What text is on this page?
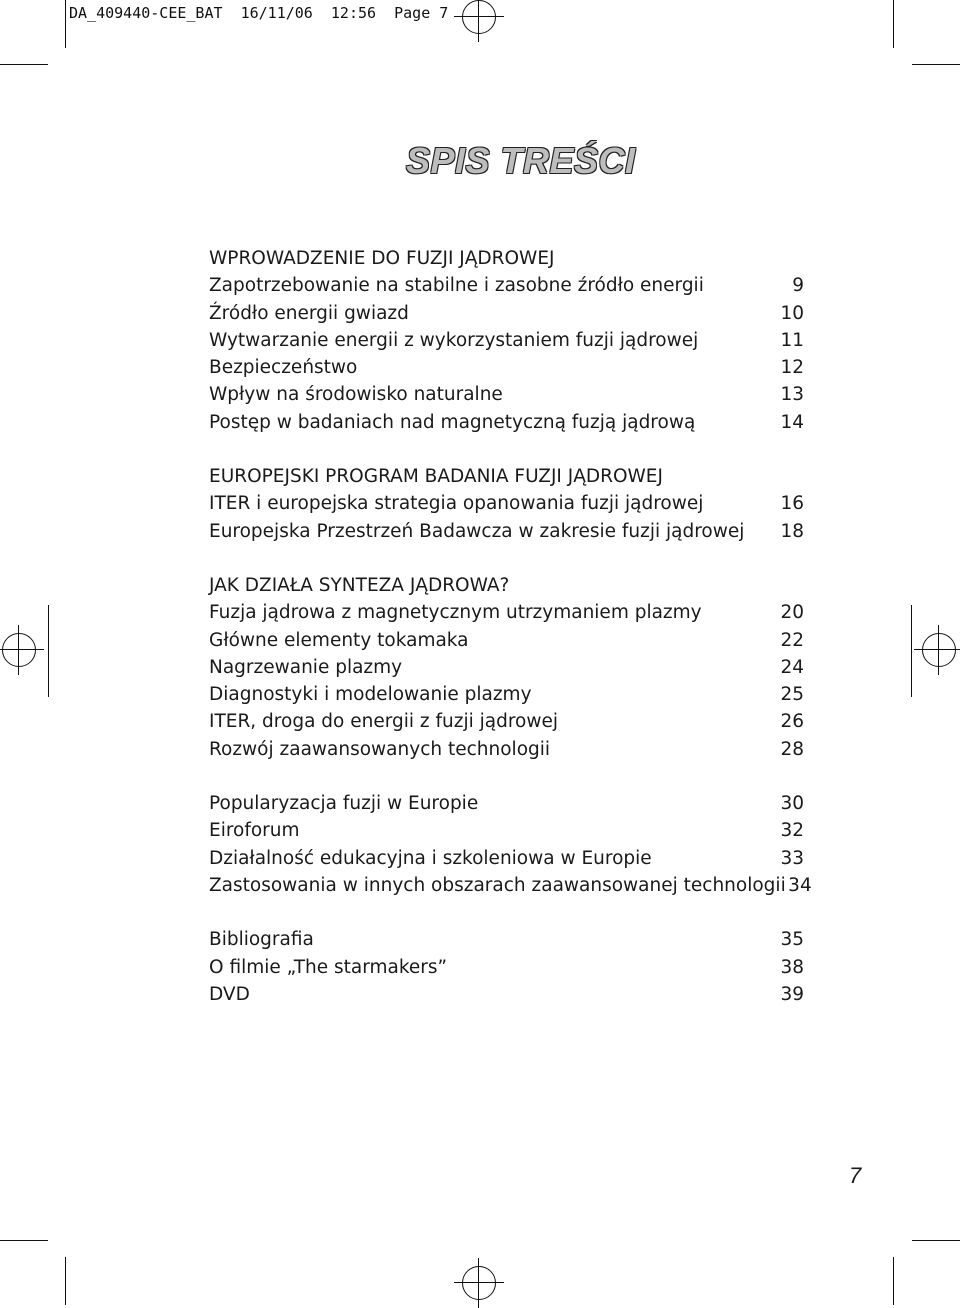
DA_409440-CEE_BAT  16/11/06  12:56  Page 7
SPIS TREŚCI
WPROWADZENIE DO FUZJI JĄDROWEJ
Zapotrzebowanie na stabilne i zasobne źródło energii	9
Źródło energii gwiazd	10
Wytwarzanie energii z wykorzystaniem fuzji jądrowej	11
Bezpieczeństwo	12
Wpływ na środowisko naturalne	13
Postęp w badaniach nad magnetyczną fuzją jądrową	14
EUROPEJSKI PROGRAM BADANIA FUZJI JĄDROWEJ
ITER i europejska strategia opanowania fuzji jądrowej	16
Europejska Przestrzeń Badawcza w zakresie fuzji jądrowej 18
JAK DZIAŁA SYNTEZA JĄDROWA?
Fuzja jądrowa z magnetycznym utrzymaniem plazmy	20
Główne elementy tokamaka	22
Nagrzewanie plazmy	24
Diagnostyki i modelowanie plazmy	25
ITER, droga do energii z fuzji jądrowej	26
Rozwój zaawansowanych technologii	28
Popularyzacja fuzji w Europie	30
Eiroforum	32
Działalność edukacyjna i szkoleniowa w Europie	33
Zastosowania w innych obszarach zaawansowanej technologii 34
Bibliografia	35
O filmie „The starmakers”	38
DVD	39
7
